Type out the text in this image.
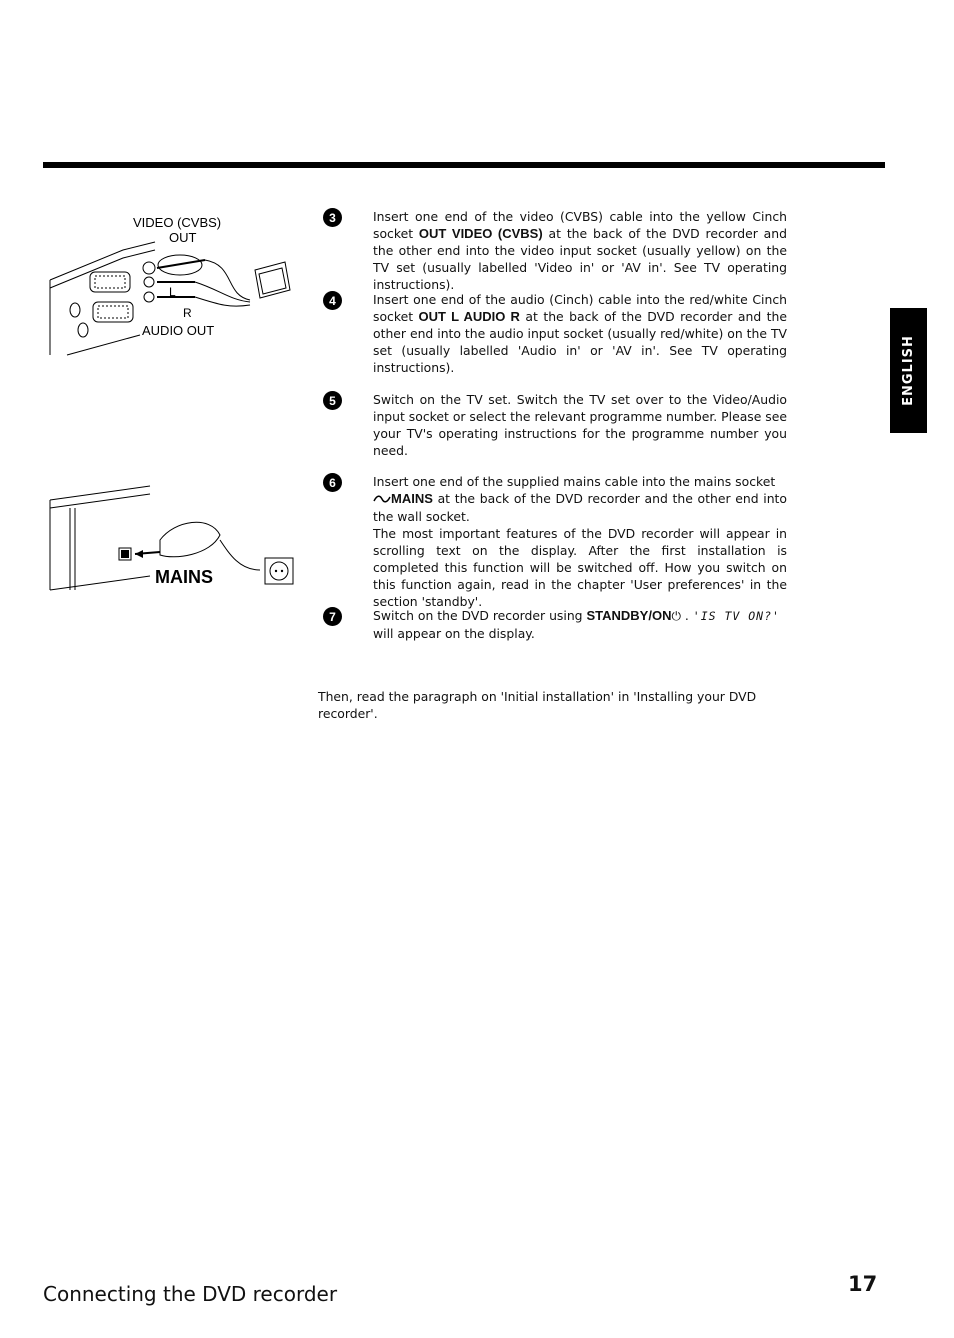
ENGLISH
VIDEO (CVBS)
OUT
L
R
AUDIO OUT
MAINS
3	Insert one end of the video (CVBS) cable into the yellow Cinch socket OUT VIDEO (CVBS) at the back of the DVD recorder and the other end into the video input socket (usually yellow) on the TV set (usually labelled 'Video in' or 'AV in'. See TV operating instructions).
4	Insert one end of the audio (Cinch) cable into the red/white Cinch socket OUT L AUDIO R at the back of the DVD recorder and the other end into the audio input socket (usually red/white) on the TV set (usually labelled 'Audio in' or 'AV in'. See TV operating instructions).
5	Switch on the TV set. Switch the TV set over to the Video/Audio input socket or select the relevant programme number. Please see your TV's operating instructions for the programme number you need.
6	Insert one end of the supplied mains cable into the mains socket
MAINS at the back of the DVD recorder and the other end into the wall socket.
The most important features of the DVD recorder will appear in scrolling text on the display. After the first installation is completed this function will be switched off. How you switch on this function again, read in the chapter 'User preferences' in the section 'standby'.
7	Switch on the DVD recorder using STANDBY/ON⏻ . 'IS TV ON?'
will appear on the display.
Then, read the paragraph on 'Initial installation' in 'Installing your DVD recorder'.
Connecting the DVD recorder	17
